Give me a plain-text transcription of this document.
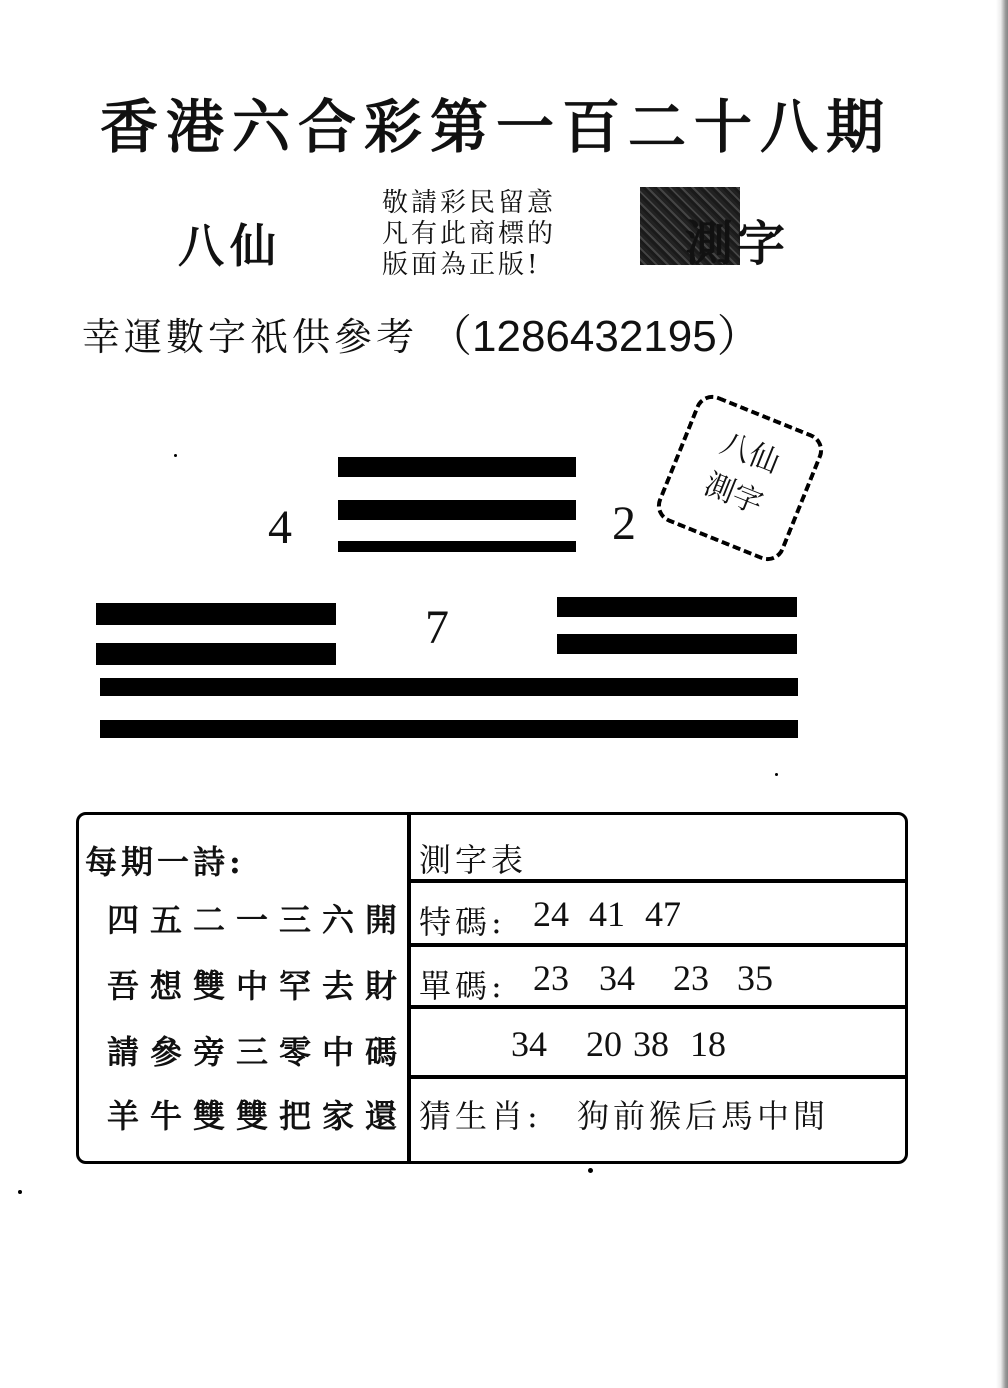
香港六合彩第一百二十八期
八仙
敬請彩民留意
凡有此商標的
版面為正版!	測字
幸運數字祇供參考 （1286432195）
4	2
7
八仙
測字
每期一詩:
四五二一三六開
吾想雙中罕去財
請參旁三零中碼
羊牛雙雙把家還
測字表
特碼: 24 41 47
單碼: 23 34 23 35
34 20 38 18
猜生肖: 狗前猴后馬中間
